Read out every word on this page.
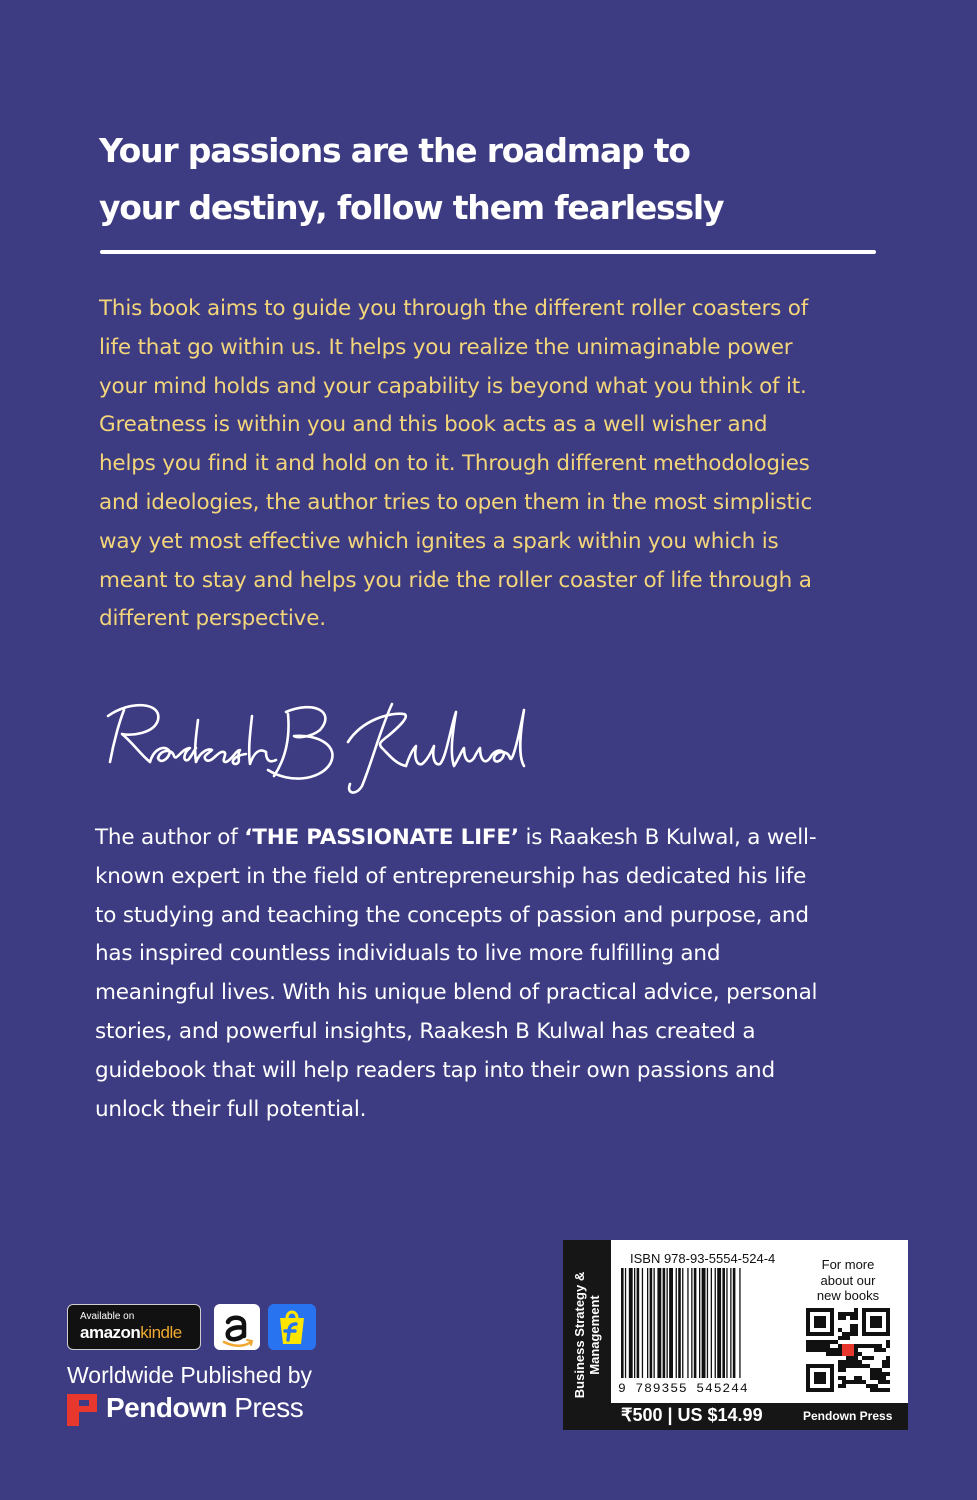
Your passions are the roadmap to
your destiny, follow them fearlessly

This book aims to guide you through the different roller coasters of
life that go within us. It helps you realize the unimaginable power
your mind holds and your capability is beyond what you think of it.
Greatness is within you and this book acts as a well wisher and
helps you find it and hold on to it. Through different methodologies
and ideologies, the author tries to open them in the most simplistic
way yet most effective which ignites a spark within you which is
meant to stay and helps you ride the roller coaster of life through a
different perspective.

The author of ‘THE PASSIONATE LIFE’ is Raakesh B Kulwal, a well-
known expert in the field of entrepreneurship has dedicated his life
to studying and teaching the concepts of passion and purpose, and
has inspired countless individuals to live more fulfilling and
meaningful lives. With his unique blend of practical advice, personal
stories, and powerful insights, Raakesh B Kulwal has created a
guidebook that will help readers tap into their own passions and
unlock their full potential.

Available on
amazonkindle
Worldwide Published by
Pendown Press
Business Strategy &
Management
ISBN 978-93-5554-524-4
9 789355 545244
For more
about our
new books
₹500 | US $14.99	Pendown Press
